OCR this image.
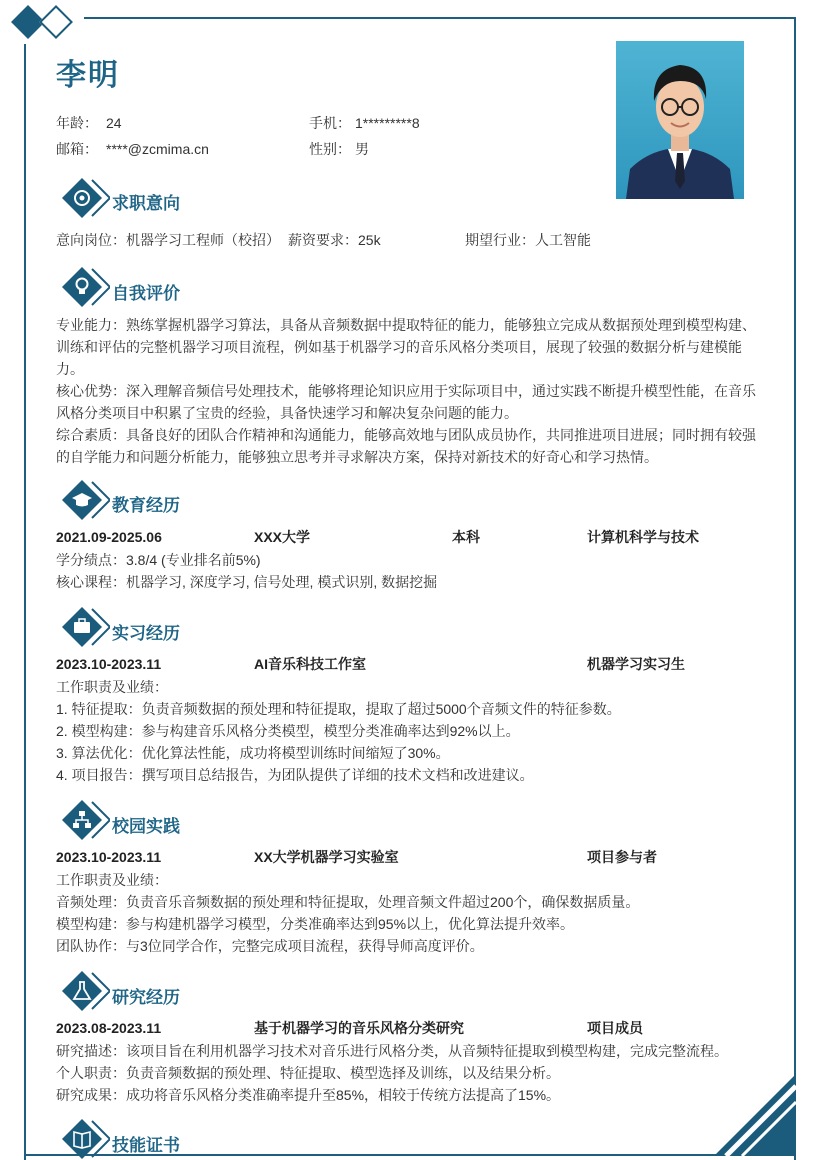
李明
年龄： 24	手机： 1*********8
邮箱： ****@zcmima.cn	性别： 男
求职意向
意向岗位：机器学习工程师（校招） 薪资要求：25k	期望行业：人工智能
自我评价
专业能力：熟练掌握机器学习算法，具备从音频数据中提取特征的能力，能够独立完成从数据预处理到模型构建、训练和评估的完整机器学习项目流程，例如基于机器学习的音乐风格分类项目，展现了较强的数据分析与建模能力。
核心优势：深入理解音频信号处理技术，能够将理论知识应用于实际项目中，通过实践不断提升模型性能，在音乐风格分类项目中积累了宝贵的经验，具备快速学习和解决复杂问题的能力。
综合素质：具备良好的团队合作精神和沟通能力，能够高效地与团队成员协作，共同推进项目进展；同时拥有较强的自学能力和问题分析能力，能够独立思考并寻求解决方案，保持对新技术的好奇心和学习热情。
教育经历
2021.09-2025.06	XXX大学	本科	计算机科学与技术
学分绩点：3.8/4 (专业排名前5%)
核心课程：机器学习, 深度学习, 信号处理, 模式识别, 数据挖掘
实习经历
2023.10-2023.11	AI音乐科技工作室	机器学习实习生
工作职责及业绩：
1. 特征提取：负责音频数据的预处理和特征提取，提取了超过5000个音频文件的特征参数。
2. 模型构建：参与构建音乐风格分类模型，模型分类准确率达到92%以上。
3. 算法优化：优化算法性能，成功将模型训练时间缩短了30%。
4. 项目报告：撰写项目总结报告，为团队提供了详细的技术文档和改进建议。
校园实践
2023.10-2023.11	XX大学机器学习实验室	项目参与者
工作职责及业绩：
音频处理：负责音乐音频数据的预处理和特征提取，处理音频文件超过200个，确保数据质量。
模型构建：参与构建机器学习模型，分类准确率达到95%以上，优化算法提升效率。
团队协作：与3位同学合作，完整完成项目流程，获得导师高度评价。
研究经历
2023.08-2023.11	基于机器学习的音乐风格分类研究	项目成员
研究描述：该项目旨在利用机器学习技术对音乐进行风格分类，从音频特征提取到模型构建，完成完整流程。
个人职责：负责音频数据的预处理、特征提取、模型选择及训练，以及结果分析。
研究成果：成功将音乐风格分类准确率提升至85%，相较于传统方法提高了15%。
技能证书
